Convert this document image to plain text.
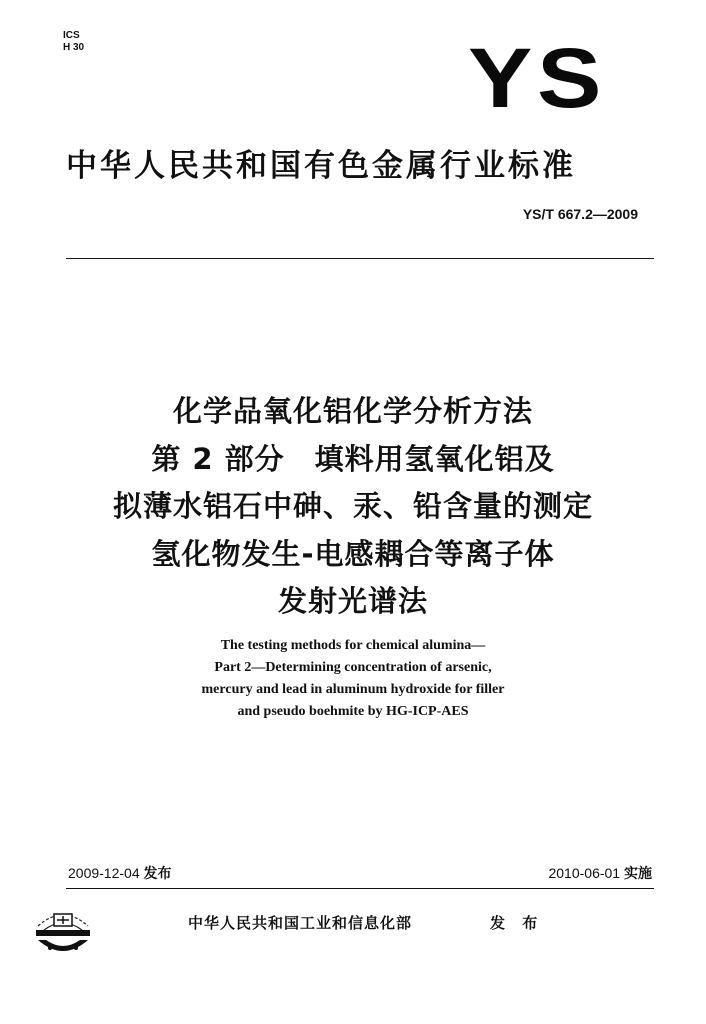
ICS
H 30	YS
中华人民共和国有色金属行业标准
YS/T 667.2—2009
化学品氧化铝化学分析方法
第 2 部分　填料用氢氧化铝及
拟薄水铝石中砷、汞、铅含量的测定
氢化物发生-电感耦合等离子体
发射光谱法
The testing methods for chemical alumina—
Part 2—Determining concentration of arsenic,
mercury and lead in aluminum hydroxide for filler
and pseudo boehmite by HG-ICP-AES
2009-12-04 发布	2010-06-01 实施
中华人民共和国工业和信息化部	发 布
